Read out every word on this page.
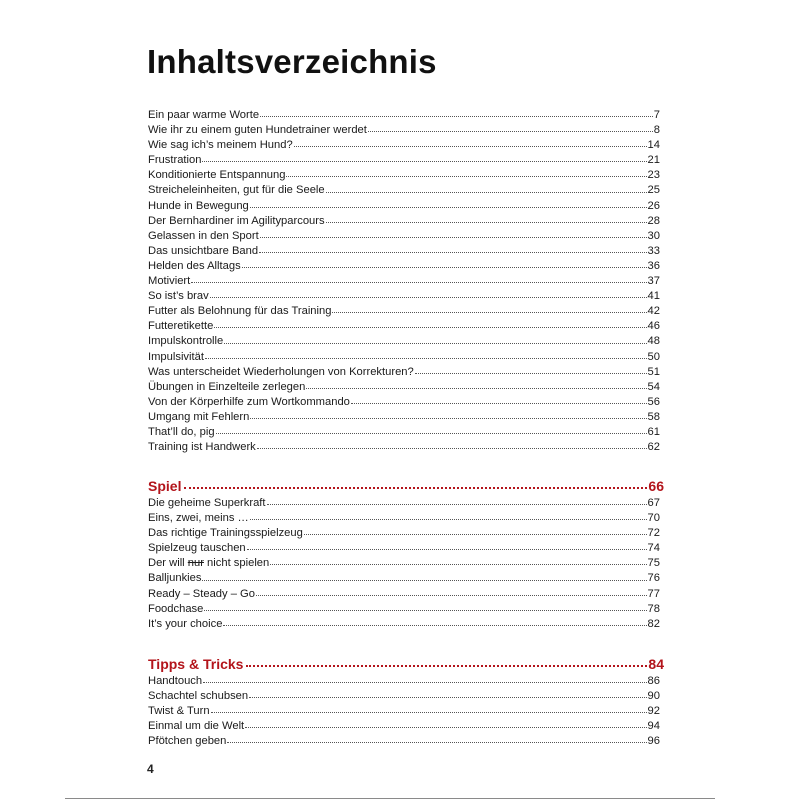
Inhaltsverzeichnis
Ein paar warme Worte	7
Wie ihr zu einem guten Hundetrainer werdet	8
Wie sag ich’s meinem Hund?	14
Frustration	21
Konditionierte Entspannung	23
Streicheleinheiten, gut für die Seele	25
Hunde in Bewegung	26
Der Bernhardiner im Agilityparcours	28
Gelassen in den Sport	30
Das unsichtbare Band	33
Helden des Alltags	36
Motiviert	37
So ist’s brav	41
Futter als Belohnung für das Training	42
Futteretikette	46
Impulskontrolle	48
Impulsivität	50
Was unterscheidet Wiederholungen von Korrekturen?	51
Übungen in Einzelteile zerlegen	54
Von der Körperhilfe zum Wortkommando	56
Umgang mit Fehlern	58
That’ll do, pig	61
Training ist Handwerk	62
Spiel	66
Die geheime Superkraft	67
Eins, zwei, meins …	70
Das richtige Trainingsspielzeug	72
Spielzeug tauschen	74
Der will nur nicht spielen	75
Balljunkies	76
Ready – Steady – Go	77
Foodchase	78
It’s your choice	82
Tipps & Tricks	84
Handtouch	86
Schachtel schubsen	90
Twist & Turn	92
Einmal um die Welt	94
Pfötchen geben	96
4
